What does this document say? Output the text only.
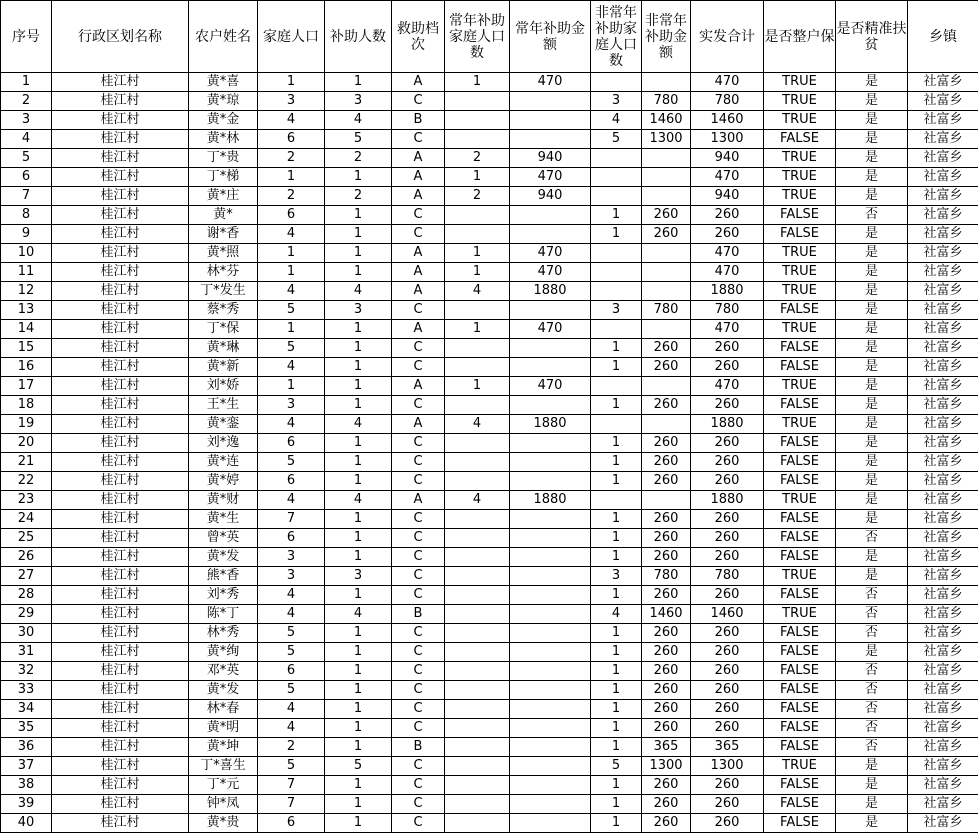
序号	行政区划名称	农户姓名	家庭人口	补助人数	救助档次	常年补助家庭人口数	常年补助金额	非常年补助家庭人口数	非常年补助金额	实发合计	是否整户保	是否精准扶贫	乡镇
1	桂江村	黄*喜	1	1	A	1	470			470	TRUE	是	社富乡
2	桂江村	黄*琼	3	3	C			3	780	780	TRUE	是	社富乡
3	桂江村	黄*金	4	4	B			4	1460	1460	TRUE	是	社富乡
4	桂江村	黄*林	6	5	C			5	1300	1300	FALSE	是	社富乡
5	桂江村	丁*贵	2	2	A	2	940			940	TRUE	是	社富乡
6	桂江村	丁*梯	1	1	A	1	470			470	TRUE	是	社富乡
7	桂江村	黄*庄	2	2	A	2	940			940	TRUE	是	社富乡
8	桂江村	黄*	6	1	C			1	260	260	FALSE	否	社富乡
9	桂江村	谢*香	4	1	C			1	260	260	FALSE	是	社富乡
10	桂江村	黄*照	1	1	A	1	470			470	TRUE	是	社富乡
11	桂江村	林*芬	1	1	A	1	470			470	TRUE	是	社富乡
12	桂江村	丁*发生	4	4	A	4	1880			1880	TRUE	是	社富乡
13	桂江村	蔡*秀	5	3	C			3	780	780	FALSE	是	社富乡
14	桂江村	丁*保	1	1	A	1	470			470	TRUE	是	社富乡
15	桂江村	黄*琳	5	1	C			1	260	260	FALSE	是	社富乡
16	桂江村	黄*新	4	1	C			1	260	260	FALSE	是	社富乡
17	桂江村	刘*娇	1	1	A	1	470			470	TRUE	是	社富乡
18	桂江村	王*生	3	1	C			1	260	260	FALSE	是	社富乡
19	桂江村	黄*銮	4	4	A	4	1880			1880	TRUE	是	社富乡
20	桂江村	刘*逸	6	1	C			1	260	260	FALSE	是	社富乡
21	桂江村	黄*连	5	1	C			1	260	260	FALSE	是	社富乡
22	桂江村	黄*婷	6	1	C			1	260	260	FALSE	是	社富乡
23	桂江村	黄*财	4	4	A	4	1880			1880	TRUE	是	社富乡
24	桂江村	黄*生	7	1	C			1	260	260	FALSE	是	社富乡
25	桂江村	曾*英	6	1	C			1	260	260	FALSE	否	社富乡
26	桂江村	黄*发	3	1	C			1	260	260	FALSE	是	社富乡
27	桂江村	熊*香	3	3	C			3	780	780	TRUE	是	社富乡
28	桂江村	刘*秀	4	1	C			1	260	260	FALSE	否	社富乡
29	桂江村	陈*丁	4	4	B			4	1460	1460	TRUE	否	社富乡
30	桂江村	林*秀	5	1	C			1	260	260	FALSE	否	社富乡
31	桂江村	黄*绚	5	1	C			1	260	260	FALSE	是	社富乡
32	桂江村	邓*英	6	1	C			1	260	260	FALSE	否	社富乡
33	桂江村	黄*发	5	1	C			1	260	260	FALSE	否	社富乡
34	桂江村	林*春	4	1	C			1	260	260	FALSE	否	社富乡
35	桂江村	黄*明	4	1	C			1	260	260	FALSE	否	社富乡
36	桂江村	黄*坤	2	1	B			1	365	365	FALSE	否	社富乡
37	桂江村	丁*喜生	5	5	C			5	1300	1300	TRUE	是	社富乡
38	桂江村	丁*元	7	1	C			1	260	260	FALSE	是	社富乡
39	桂江村	钟*凤	7	1	C			1	260	260	FALSE	是	社富乡
40	桂江村	黄*贵	6	1	C			1	260	260	FALSE	是	社富乡
